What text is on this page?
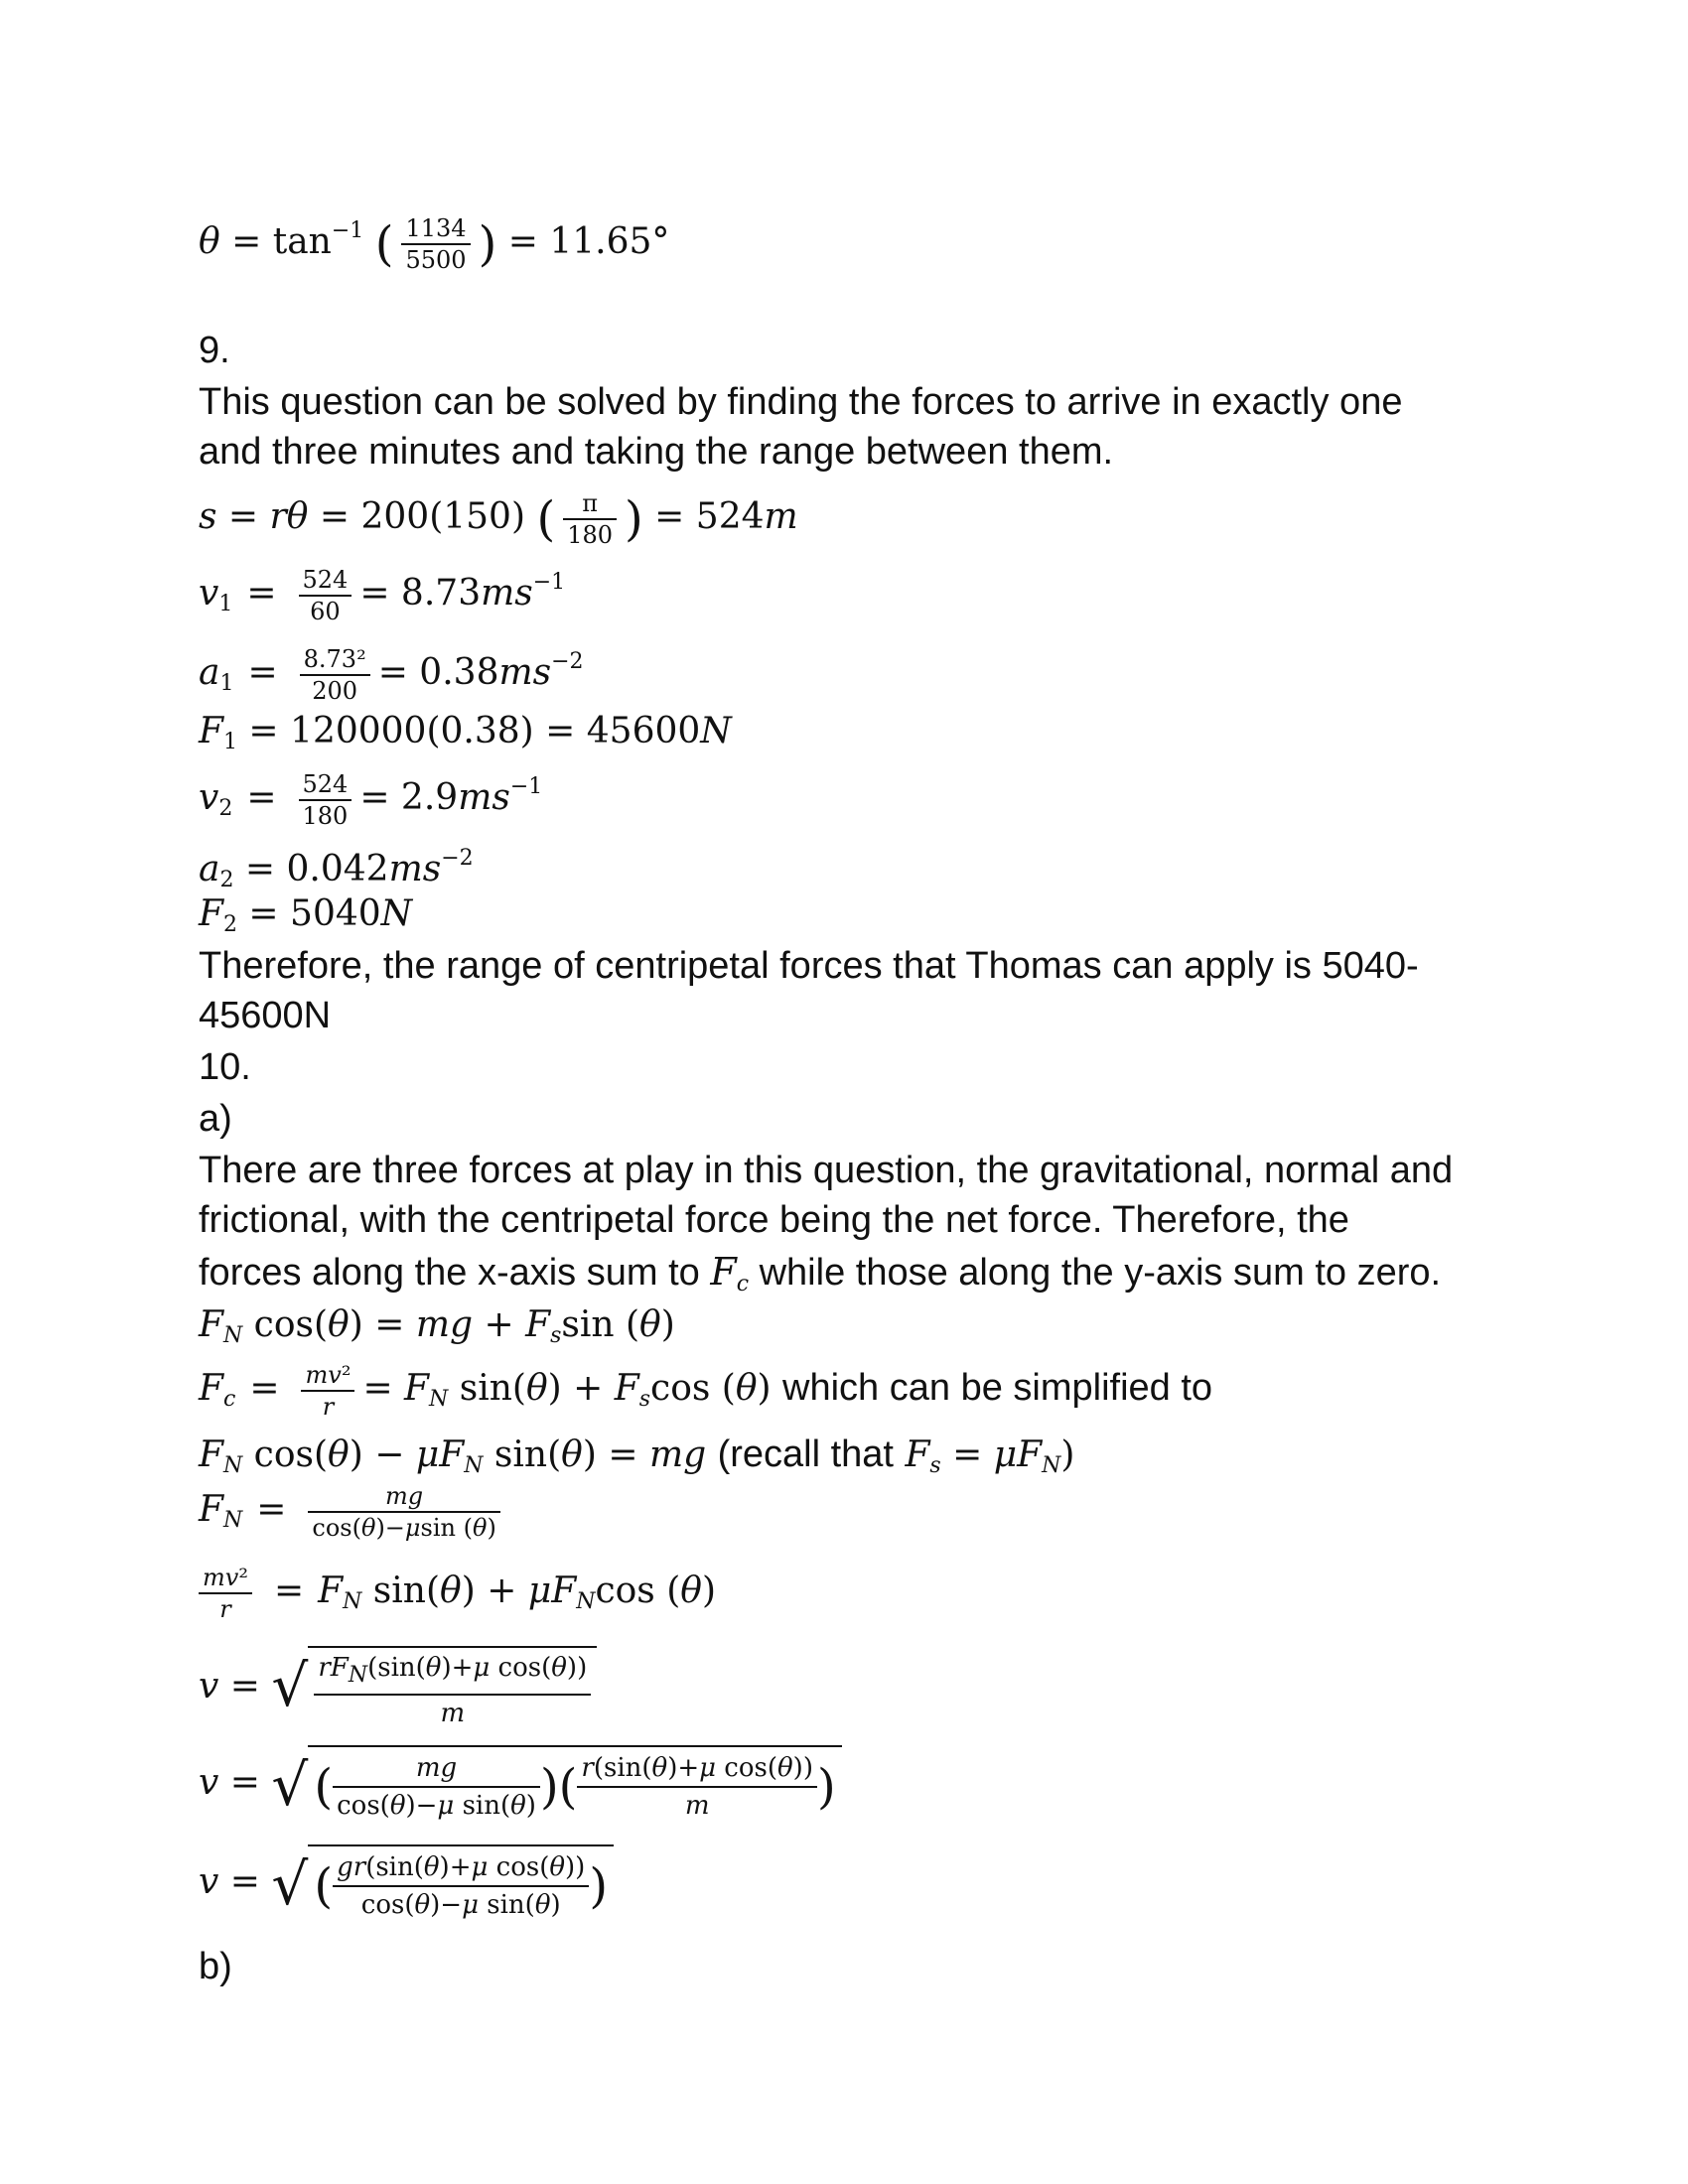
$\theta = \tan^{-1}$ ( $\frac{1134}{5500}$ ) = 11.65°
9.
This question can be solved by finding the forces to arrive in exactly one
and three minutes and taking the range between them.
s = rθ = 200(150) ( $\frac{\pi}{180}$ ) = 524m
$v_1 = \frac{524}{60} = 8.73ms^{-1}$
$a_1 = \frac{\text{8.73²}}{200} = 0.38ms^{-2}$
$F_1 = 120000(0.38) = 45600N$
$v_2 = \frac{524}{180} = 2.9ms^{-1}$
$a_2 = 0.042ms^{-2}$
$F_2 = 5040N$
Therefore, the range of centripetal forces that Thomas can apply is 5040-
45600N
10.
a)
There are three forces at play in this question, the gravitational, normal and
frictional, with the centripetal force being the net force. Therefore, the
forces along the x-axis sum to $F_c$ while those along the y-axis sum to zero.
$F_N$ cos(θ) = mg + $F_s\sin$ (θ)
$F_c = \frac{\text{mv²}}{r} = F_N$ $\sin(\theta) + F_s\cos$ (θ) which can be simplified to
$F_N$ $\cos(\theta) - \mu F_N$ sin(θ) = mg (recall that $F_s = \mu F_N$)
$F_N = \frac{mg}{\cos(\theta)-\mu\sin (\theta)}$
$\frac{\text{mv²}}{r} = F_N$ $\sin(\theta) + \mu F_N\cos$ (θ)
v = √ $\frac{rF_N(\sin(\theta)+\mu \cos(\theta))}{m}$
v = √ ( $\frac{mg}{\text{cos(θ)−μ sin(θ)}}$ ) ( $\frac{\text{r(sin(θ)+μ cos(θ))}}{m}$ )
v = √ ( $\frac{\text{gr(sin(θ)+μ cos(θ))}}{\text{cos(θ)−μ sin(θ)}}$ )
b)
